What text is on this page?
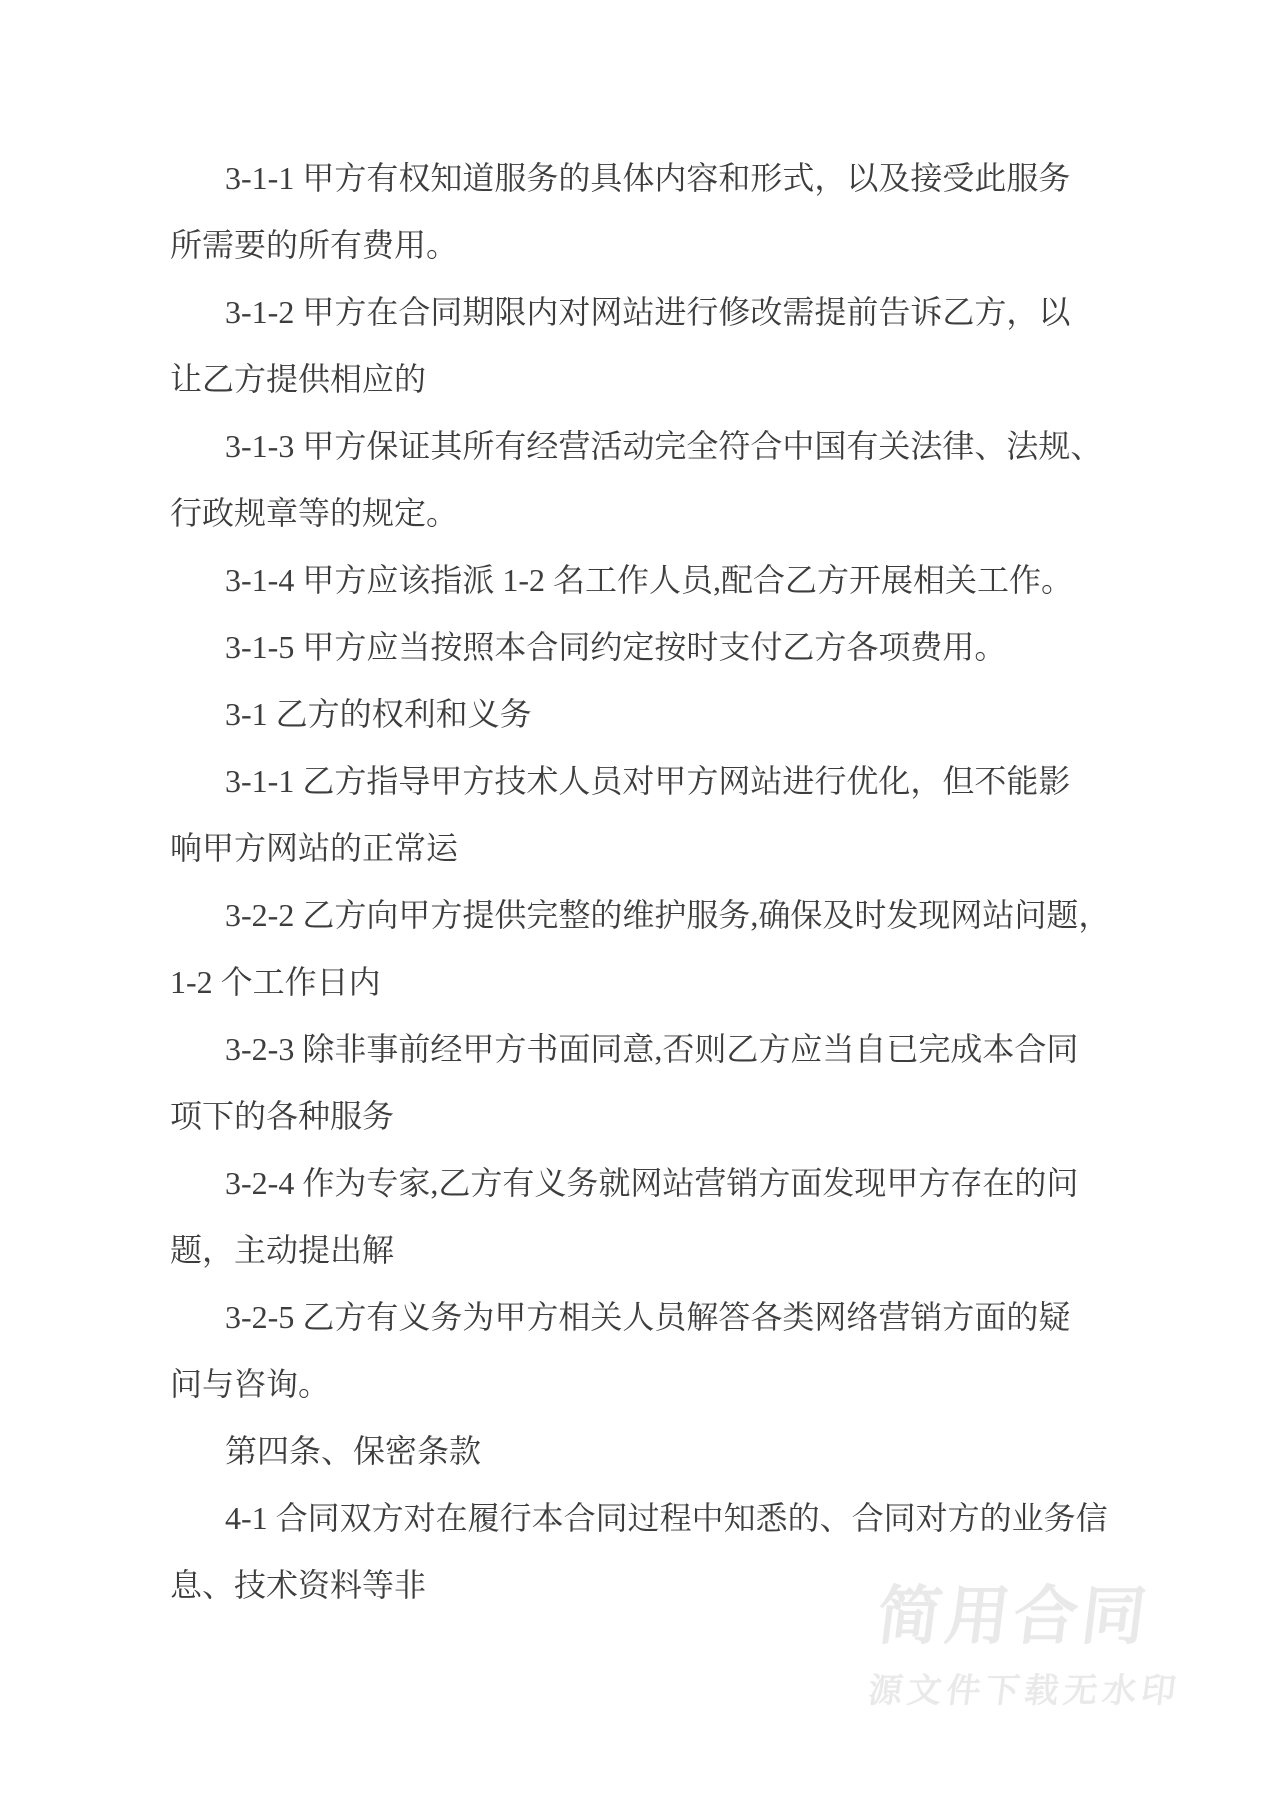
3-1-1 甲方有权知道服务的具体内容和形式，以及接受此服务
所需要的所有费用。

3-1-2 甲方在合同期限内对网站进行修改需提前告诉乙方，以
让乙方提供相应的

3-1-3 甲方保证其所有经营活动完全符合中国有关法律、法规、
行政规章等的规定。

3-1-4 甲方应该指派 1-2 名工作人员,配合乙方开展相关工作。

3-1-5 甲方应当按照本合同约定按时支付乙方各项费用。

3-1 乙方的权利和义务

3-1-1 乙方指导甲方技术人员对甲方网站进行优化，但不能影
响甲方网站的正常运

3-2-2 乙方向甲方提供完整的维护服务,确保及时发现网站问题，
1-2 个工作日内

3-2-3 除非事前经甲方书面同意,否则乙方应当自已完成本合同
项下的各种服务

3-2-4 作为专家,乙方有义务就网站营销方面发现甲方存在的问
题，主动提出解

3-2-5 乙方有义务为甲方相关人员解答各类网络营销方面的疑
问与咨询。

第四条、保密条款

4-1 合同双方对在履行本合同过程中知悉的、合同对方的业务信
息、技术资料等非	简用合同
源文件下载无水印
